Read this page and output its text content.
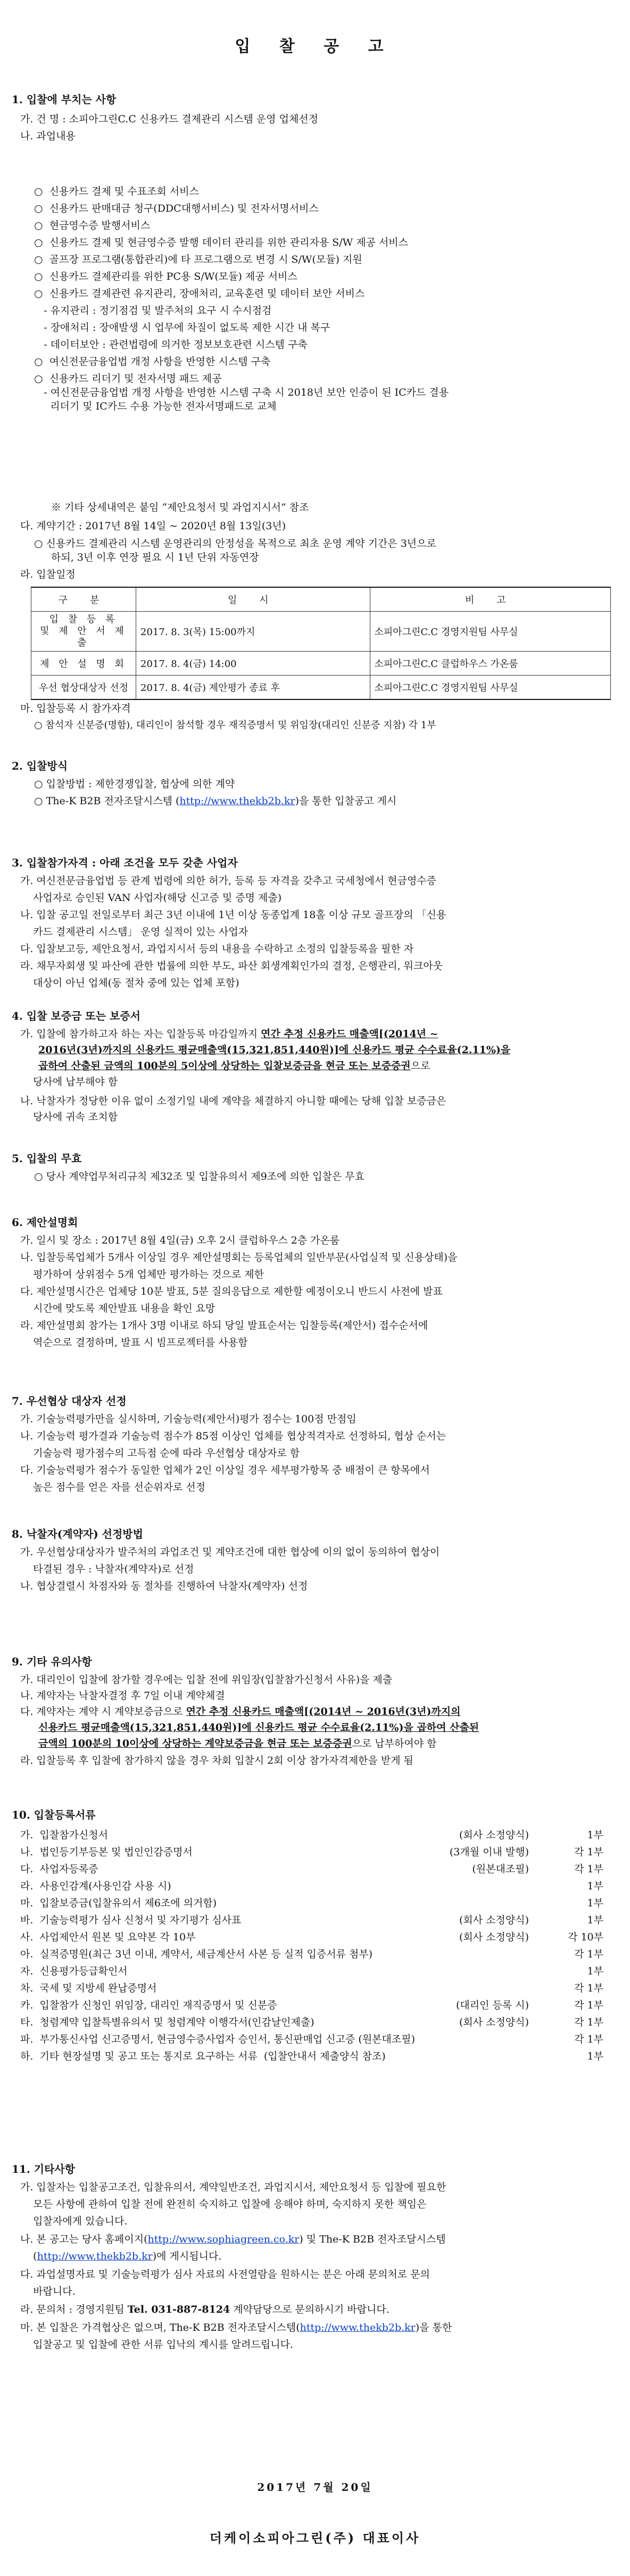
입 찰 공 고
1. 입찰에 부치는 사항
가. 건 명 : 소피아그린C.C 신용카드 결제관리 시스템 운영 업체선정
나. 과업내용
○  신용카드 결제 및 수표조회 서비스
○  신용카드 판매대금 청구(DDC대행서비스) 및 전자서명서비스
○  현금영수증 발행서비스
○  신용카드 결제 및 현금영수증 발행 데이터 관리를 위한 관리자용 S/W 제공 서비스
○  골프장 프로그램(통합관리)에 타 프로그램으로 변경 시 S/W(모듈) 지원
○  신용카드 결제관리를 위한 PC용 S/W(모듈) 제공 서비스
○  신용카드 결제관련 유지관리, 장애처리, 교육훈련 및 데이터 보안 서비스
- 유지관리 : 정기점검 및 발주처의 요구 시 수시점검
- 장애처리 : 장애발생 시 업무에 차질이 없도록 제한 시간 내 복구
- 데이터보안 : 관련법령에 의거한 정보보호관련 시스템 구축
○  여신전문금융업법 개정 사항을 반영한 시스템 구축
○  신용카드 리더기 및 전자서명 패드 제공
- 여신전문금융업법 개정 사항을 반영한 시스템 구축 시 2018년 보안 인증이 된 IC카드 결용
리더기 및 IC카드 수용 가능한 전자서명패드로 교체
※ 기타 상세내역은 붙임 “제안요청서 및 과업지시서” 참조
다. 계약기간 : 2017년 8월 14일 ~ 2020년 8월 13일(3년)
○ 신용카드 결제관리 시스템 운영관리의 안정성을 목적으로 최초 운영 계약 기간은 3년으로
하되, 3년 이후 연장 필요 시 1년 단위 자동연장
라. 입찰일정
구 분	일 시	비 고
입 찰 등 록
및 제 안 서 제 출	2017. 8. 3(목) 15:00까지	소피아그린C.C 경영지원팀 사무실
제 안 설 명 회	2017. 8. 4(금) 14:00	소피아그린C.C 클럽하우스 가온룸
우선 협상대상자 선정	2017. 8. 4(금) 제안평가 종료 후	소피아그린C.C 경영지원팀 사무실
마. 입찰등록 시 참가자격
○ 참석자 신분증(명함), 대리인이 참석할 경우 재직증명서 및 위임장(대리인 신분증 지참) 각 1부
2. 입찰방식
○ 입찰방법 : 제한경쟁입찰, 협상에 의한 계약
○ The-K B2B 전자조달시스템 (http://www.thekb2b.kr)을 통한 입찰공고 게시
3. 입찰참가자격 : 아래 조건을 모두 갖춘 사업자
가. 여신전문금융업법 등 관계 법령에 의한 허가, 등록 등 자격을 갖추고 국세청에서 현금영수증
사업자로 승인된 VAN 사업자(해당 신고증 및 증명 제출)
나. 입찰 공고일 전일로부터 최근 3년 이내에 1년 이상 동종업계 18홀 이상 규모 골프장의 「신용
카드 결제관리 시스템」 운영 실적이 있는 사업자
다. 입찰보고등, 제안요청서, 과업지시서 등의 내용을 수락하고 소정의 입찰등록을 필한 자
라. 채무자회생 및 파산에 관한 법률에 의한 부도, 파산 회생계획인가의 결정, 은행관리, 워크아웃
대상이 아닌 업체(동 절차 중에 있는 업체 포함)
4. 입찰 보증금 또는 보증서
가. 입찰에 참가하고자 하는 자는 입찰등록 마감일까지 연간 추정 신용카드 매출액[(2014년 ~
2016년(3년)까지의 신용카드 평균매출액(15,321,851,440원)]에 신용카드 평균 수수료율(2.11%)을
곱하여 산출된 금액의 100분의 5이상에 상당하는 입찰보증금을 현금 또는 보증증권으로
당사에 납부해야 함
나. 낙찰자가 정당한 이유 없이 소정기일 내에 계약을 체결하지 아니할 때에는 당해 입찰 보증금은
당사에 귀속 조치함
5. 입찰의 무효
○ 당사 계약업무처리규칙 제32조 및 입찰유의서 제9조에 의한 입찰은 무효
6. 제안설명회
가. 일시 및 장소 : 2017년 8월 4일(금) 오후 2시 클럽하우스 2층 가온룸
나. 입찰등록업체가 5개사 이상일 경우 제안설명회는 등록업체의 일반부문(사업실적 및 신용상태)을
평가하여 상위점수 5개 업체만 평가하는 것으로 제한
다. 제안설명시간은 업체당 10분 발표, 5분 질의응답으로 제한할 예정이오니 반드시 사전에 발표
시간에 맞도록 제안발표 내용을 확인 요망
라. 제안설명회 참가는 1개사 3명 이내로 하되 당일 발표순서는 입찰등록(제안서) 접수순서에
역순으로 결정하며, 발표 시 빔프로젝터를 사용함
7. 우선협상 대상자 선정
가. 기술능력평가만을 실시하며, 기술능력(제안서)평가 점수는 100점 만점임
나. 기술능력 평가결과 기술능력 점수가 85점 이상인 업체를 협상적격자로 선정하되, 협상 순서는
기술능력 평가점수의 고득점 순에 따라 우선협상 대상자로 함
다. 기술능력평가 점수가 동일한 업체가 2인 이상일 경우 세부평가항목 중 배점이 큰 항목에서
높은 점수를 얻은 자를 선순위자로 선정
8. 낙찰자(계약자) 선정방법
가. 우선협상대상자가 발주처의 과업조건 및 계약조건에 대한 협상에 이의 없이 동의하여 협상이
타결된 경우 : 낙찰자(계약자)로 선정
나. 협상결렬시 차점자와 동 절차를 진행하여 낙찰자(계약자) 선정
9. 기타 유의사항
가. 대리인이 입찰에 참가할 경우에는 입찰 전에 위임장(입찰참가신청서 사유)을 제출
나. 계약자는 낙찰자결정 후 7일 이내 계약체결
다. 계약자는 계약 시 계약보증금으로 연간 추정 신용카드 매출액[(2014년 ~ 2016년(3년)까지의
신용카드 평균매출액(15,321,851,440원)]에 신용카드 평균 수수료율(2.11%)을 곱하여 산출된
금액의 100분의 10이상에 상당하는 계약보증금을 현금 또는 보증증권으로 납부하여야 함
라. 입찰등록 후 입찰에 참가하지 않을 경우 차회 입찰시 2회 이상 참가자격제한을 받게 됨
10. 입찰등록서류
가.  입찰참가신청서	(회사 소정양식)	1부
나.  법인등기부등본 및 법인인감증명서	(3개월 이내 발행)	각 1부
다.  사업자등록증	(원본대조필)	각 1부
라.  사용인감계(사용인감 사용 시)	1부
마.  입찰보증금(입찰유의서 제6조에 의거함)	1부
바.  기술능력평가 심사 신청서 및 자기평가 심사표	(회사 소정양식)	1부
사.  사업제안서 원본 및 요약본 각 10부	(회사 소정양식)	각 10부
아.  실적증명원(최근 3년 이내, 계약서, 세금계산서 사본 등 실적 입증서류 첨부)	각 1부
자.  신용평가등급확인서	1부
차.  국세 및 지방세 완납증명서	각 1부
카.  입찰참가 신청인 위임장, 대리인 재직증명서 및 신분증	(대리인 등록 시)	각 1부
타.  청렴계약 입찰특별유의서 및 청렴계약 이행각서(인감날인제출)	(회사 소정양식)	각 1부
파.  부가통신사업 신고증명서, 현금영수증사업자 승인서, 통신판매업 신고증 (원본대조필)	각 1부
하.  기타 현장설명 및 공고 또는 통지로 요구하는 서류  (입찰안내서 제출양식 참조)	1부
11. 기타사항
가. 입찰자는 입찰공고조건, 입찰유의서, 계약일반조건, 과업지시서, 제안요청서 등 입찰에 필요한
모든 사항에 관하여 입찰 전에 완전히 숙지하고 입찰에 응해야 하며, 숙지하지 못한 책임은
입찰자에게 있습니다.
나. 본 공고는 당사 홈페이지(http://www.sophiagreen.co.kr) 및 The-K B2B 전자조달시스템
(http://www.thekb2b.kr)에 게시됩니다.
다. 과업설명자료 및 기술능력평가 심사 자료의 사전열람을 원하시는 분은 아래 문의처로 문의
바랍니다.
라. 문의처 : 경영지원팀 Tel. 031-887-8124 계약담당으로 문의하시기 바랍니다.
마. 본 입찰은 가격협상은 없으며, The-K B2B 전자조달시스템(http://www.thekb2b.kr)을 통한
입찰공고 및 입찰에 관한 서류 입낙의 계시를 알려드립니다.
2017년 7월 20일
더케이소피아그린(주) 대표이사
